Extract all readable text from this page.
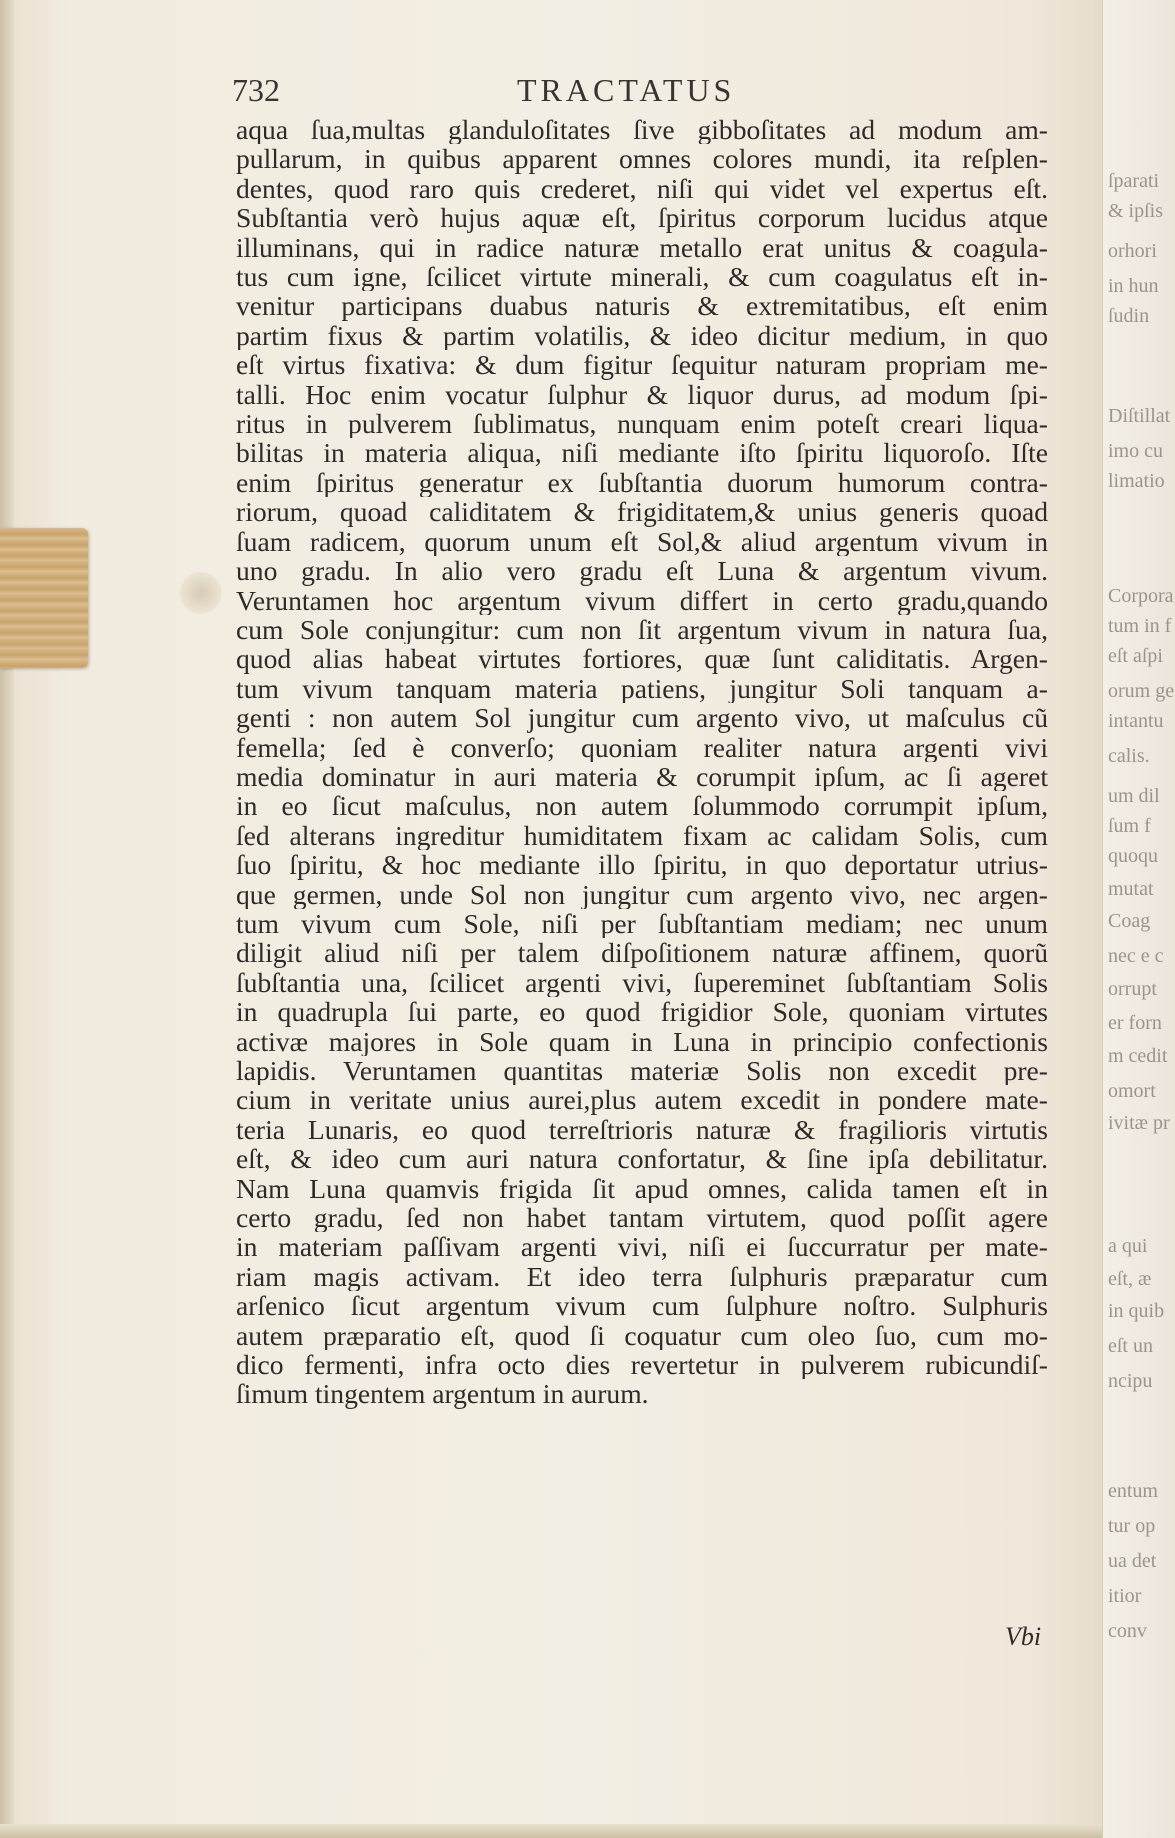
732	TRACTATUS
aqua ſua,multas glanduloſitates ſive gibboſitates ad modum am-
pullarum, in quibus apparent omnes colores mundi, ita reſplen-
dentes, quod raro quis crederet, niſi qui videt vel expertus eſt.
Subſtantia verò hujus aquæ eſt, ſpiritus corporum lucidus atque
illuminans, qui in radice naturæ metallo erat unitus & coagula-
tus cum igne, ſcilicet virtute minerali, & cum coagulatus eſt in-
venitur participans duabus naturis & extremitatibus, eſt enim
partim fixus & partim volatilis, & ideo dicitur medium, in quo
eſt virtus fixativa: & dum figitur ſequitur naturam propriam me-
talli. Hoc enim vocatur ſulphur & liquor durus, ad modum ſpi-
ritus in pulverem ſublimatus, nunquam enim poteſt creari liqua-
bilitas in materia aliqua, niſi mediante iſto ſpiritu liquoroſo. Iſte
enim ſpiritus generatur ex ſubſtantia duorum humorum contra-
riorum, quoad caliditatem & frigiditatem,& unius generis quoad
ſuam radicem, quorum unum eſt Sol,& aliud argentum vivum in
uno gradu. In alio vero gradu eſt Luna & argentum vivum.
Veruntamen hoc argentum vivum differt in certo gradu,quando
cum Sole conjungitur: cum non ſit argentum vivum in natura ſua,
quod alias habeat virtutes fortiores, quæ ſunt caliditatis. Argen-
tum vivum tanquam materia patiens, jungitur Soli tanquam a-
genti : non autem Sol jungitur cum argento vivo, ut maſculus cũ
femella; ſed è converſo; quoniam realiter natura argenti vivi
media dominatur in auri materia & corumpit ipſum, ac ſi ageret
in eo ſicut maſculus, non autem ſolummodo corrumpit ipſum,
ſed alterans ingreditur humiditatem fixam ac calidam Solis, cum
ſuo ſpiritu, & hoc mediante illo ſpiritu, in quo deportatur utrius-
que germen, unde Sol non jungitur cum argento vivo, nec argen-
tum vivum cum Sole, niſi per ſubſtantiam mediam; nec unum
diligit aliud niſi per talem diſpoſitionem naturæ affinem, quorũ
ſubſtantia una, ſcilicet argenti vivi, ſupereminet ſubſtantiam Solis
in quadrupla ſui parte, eo quod frigidior Sole, quoniam virtutes
activæ majores in Sole quam in Luna in principio confectionis
lapidis. Veruntamen quantitas materiæ Solis non excedit pre-
cium in veritate unius aurei,plus autem excedit in pondere mate-
teria Lunaris, eo quod terreſtrioris naturæ & fragilioris virtutis
eſt, & ideo cum auri natura confortatur, & ſine ipſa debilitatur.
Nam Luna quamvis frigida ſit apud omnes, calida tamen eſt in
certo gradu, ſed non habet tantam virtutem, quod poſſit agere
in materiam paſſivam argenti vivi, niſi ei ſuccurratur per mate-
riam magis activam. Et ideo terra ſulphuris præparatur cum
arſenico ſicut argentum vivum cum ſulphure noſtro. Sulphuris
autem præparatio eſt, quod ſi coquatur cum oleo ſuo, cum mo-
dico fermenti, infra octo dies revertetur in pulverem rubicundiſ-
ſimum tingentem argentum in aurum.
Vbi
ſparati
& ipſis
orhori
in hun
ſudin
Diſtillat
imo cu
limatio
Corpora
tum in f
eſt aſpi
orum ge
intantu
calis.
um dil
ſum f
quoqu
mutat
Coag
nec e c
orrupt
er forn
m cedit
omort
ivitæ pr
a qui
eſt, æ
in quib
eſt un
ncipu
entum
tur op
ua det
itior
conv
